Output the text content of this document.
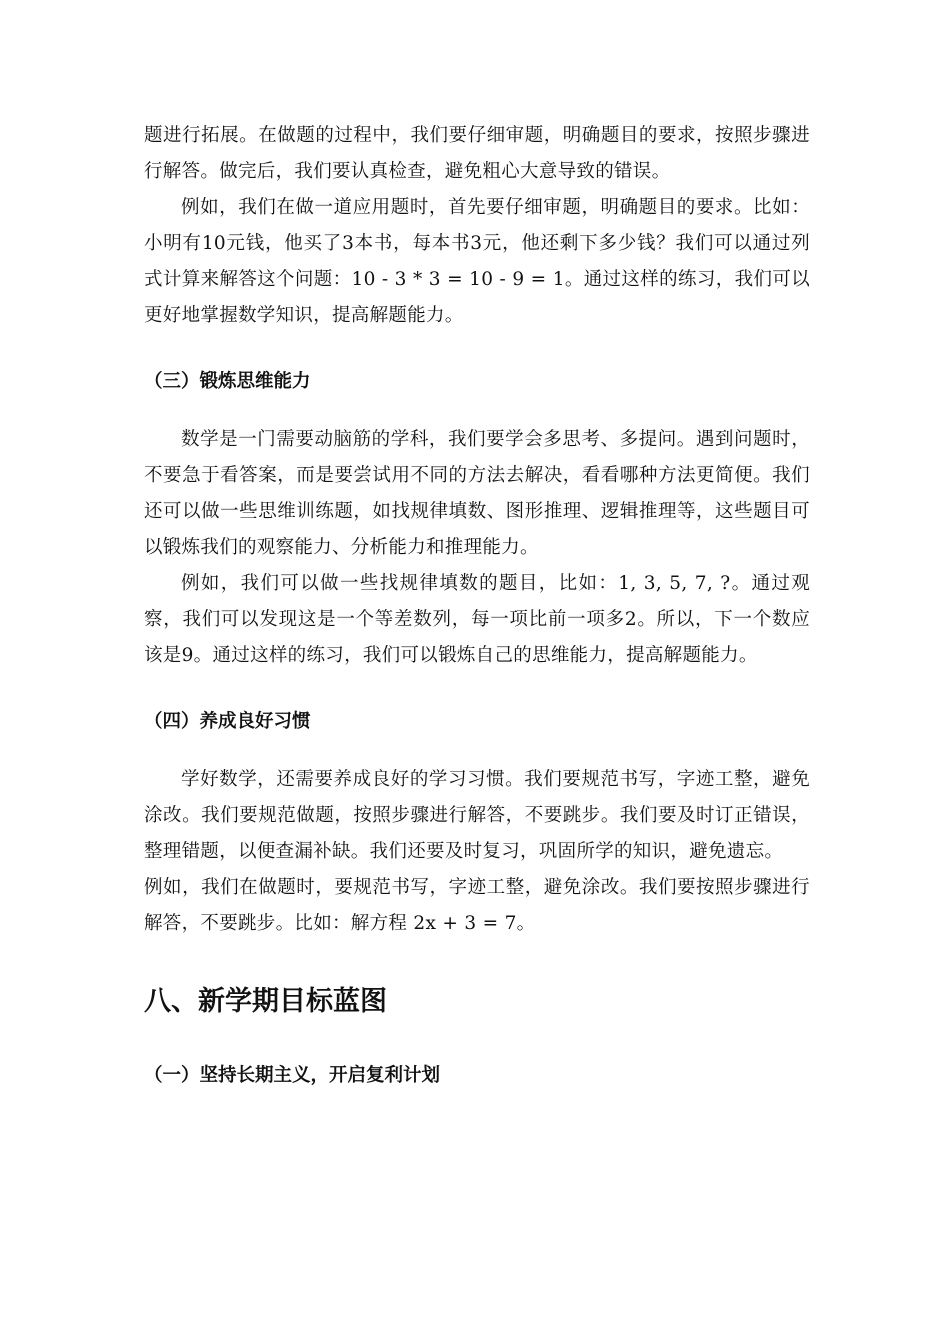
题进行拓展。在做题的过程中，我们要仔细审题，明确题目的要求，按照步骤进行解答。做完后，我们要认真检查，避免粗心大意导致的错误。

例如，我们在做一道应用题时，首先要仔细审题，明确题目的要求。比如：小明有10元钱，他买了3本书，每本书3元，他还剩下多少钱？我们可以通过列式计算来解答这个问题：10 - 3 * 3 = 10 - 9 = 1。通过这样的练习，我们可以更好地掌握数学知识，提高解题能力。

（三）锻炼思维能力

数学是一门需要动脑筋的学科，我们要学会多思考、多提问。遇到问题时，不要急于看答案，而是要尝试用不同的方法去解决，看看哪种方法更简便。我们还可以做一些思维训练题，如找规律填数、图形推理、逻辑推理等，这些题目可以锻炼我们的观察能力、分析能力和推理能力。

例如，我们可以做一些找规律填数的题目，比如：1, 3, 5, 7, ?。通过观察，我们可以发现这是一个等差数列，每一项比前一项多2。所以，下一个数应该是9。通过这样的练习，我们可以锻炼自己的思维能力，提高解题能力。

（四）养成良好习惯

学好数学，还需要养成良好的学习习惯。我们要规范书写，字迹工整，避免涂改。我们要规范做题，按照步骤进行解答，不要跳步。我们要及时订正错误，整理错题，以便查漏补缺。我们还要及时复习，巩固所学的知识，避免遗忘。

例如，我们在做题时，要规范书写，字迹工整，避免涂改。我们要按照步骤进行解答，不要跳步。比如：解方程 2x + 3 = 7。

八、新学期目标蓝图
（一）坚持长期主义，开启复利计划
